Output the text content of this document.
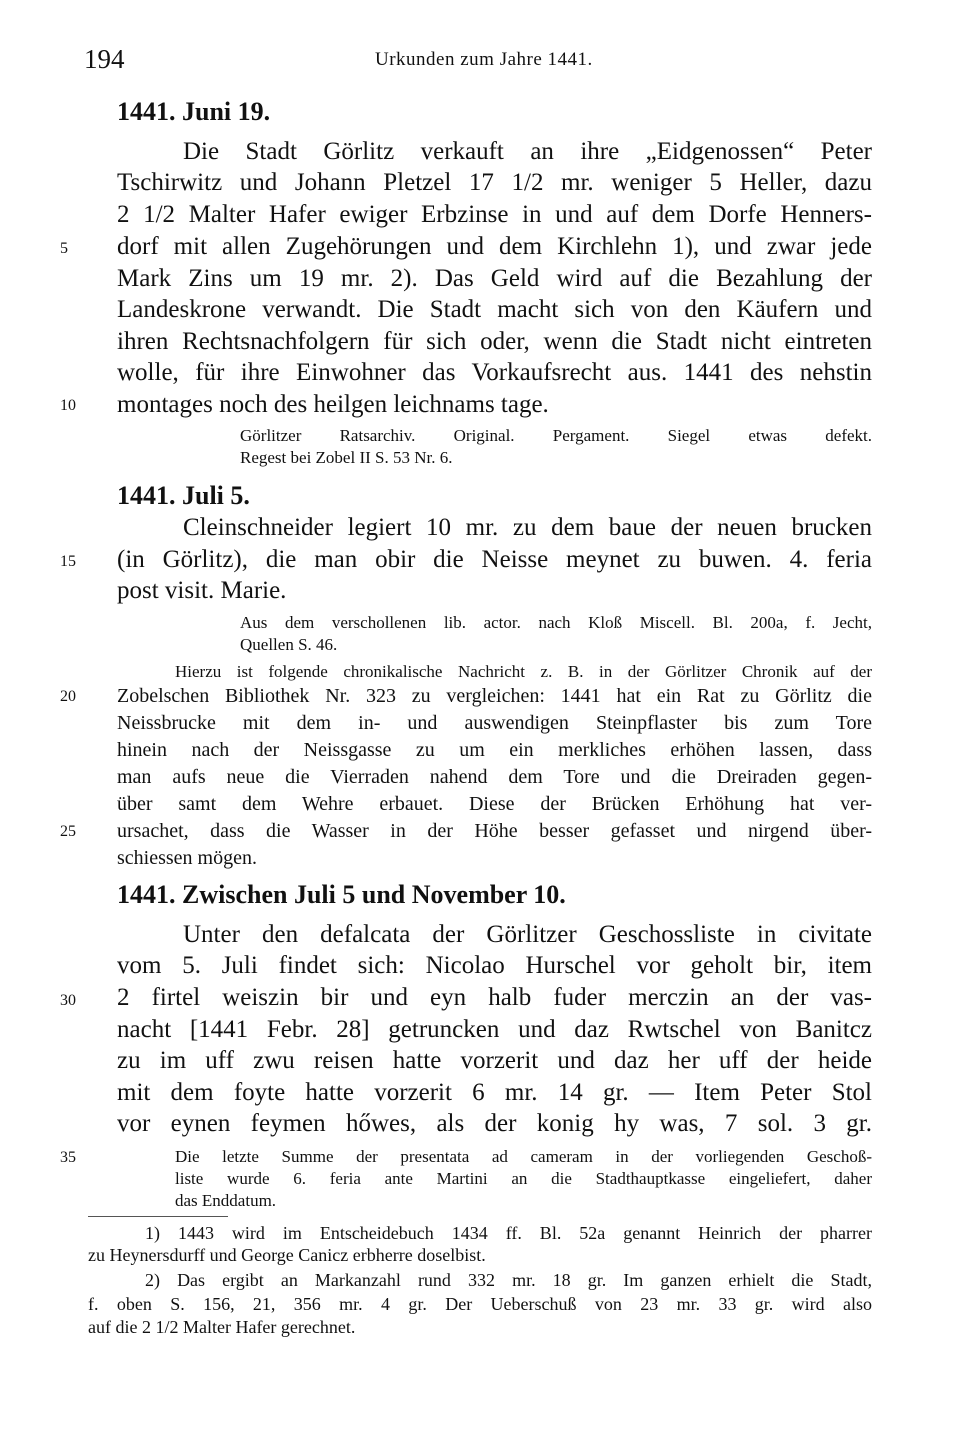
194	Urkunden zum Jahre 1441.
1441. Juni 19.
Die Stadt Görlitz verkauft an ihre „Eidgenossen“ Peter
Tschirwitz und Johann Pletzel 17 1/2 mr. weniger 5 Heller, dazu
2 1/2 Malter Hafer ewiger Erbzinse in und auf dem Dorfe Henners-
dorf mit allen Zugehörungen und dem Kirchlehn 1), und zwar jede
Mark Zins um 19 mr. 2). Das Geld wird auf die Bezahlung der
Landeskrone verwandt. Die Stadt macht sich von den Käufern und
ihren Rechtsnachfolgern für sich oder, wenn die Stadt nicht eintreten
wolle, für ihre Einwohner das Vorkaufsrecht aus. 1441 des nehstin
montages noch des heilgen leichnams tage.
Görlitzer Ratsarchiv. Original. Pergament. Siegel etwas defekt.
Regest bei Zobel II S. 53 Nr. 6.
1441. Juli 5.
Cleinschneider legiert 10 mr. zu dem baue der neuen brucken
(in Görlitz), die man obir die Neisse meynet zu buwen. 4. feria
post visit. Marie.
Aus dem verschollenen lib. actor. nach Kloß Miscell. Bl. 200a, f. Jecht,
Quellen S. 46.
Hierzu ist folgende chronikalische Nachricht z. B. in der Görlitzer Chronik auf der
Zobelschen Bibliothek Nr. 323 zu vergleichen: 1441 hat ein Rat zu Görlitz die
Neissbrucke mit dem in- und auswendigen Steinpflaster bis zum Tore
hinein nach der Neissgasse zu um ein merkliches erhöhen lassen, dass
man aufs neue die Vierraden nahend dem Tore und die Dreiraden gegen-
über samt dem Wehre erbauet. Diese der Brücken Erhöhung hat ver-
ursachet, dass die Wasser in der Höhe besser gefasset und nirgend über-
schiessen mögen.
1441. Zwischen Juli 5 und November 10.
Unter den defalcata der Görlitzer Geschossliste in civitate
vom 5. Juli findet sich: Nicolao Hurschel vor geholt bir, item
2 firtel weiszin bir und eyn halb fuder merczin an der vas-
nacht [1441 Febr. 28] getruncken und daz Rwtschel von Banitcz
zu im uff zwu reisen hatte vorzerit und daz her uff der heide
mit dem foyte hatte vorzerit 6 mr. 14 gr. — Item Peter Stol
vor eynen feymen hőwes, als der konig hy was, 7 sol. 3 gr.
Die letzte Summe der presentata ad cameram in der vorliegenden Geschoß-
liste wurde 6. feria ante Martini an die Stadthauptkasse eingeliefert, daher
das Enddatum.
5
10
15
20
25
30
35
1) 1443 wird im Entscheidebuch 1434 ff. Bl. 52a genannt Heinrich der pharrer
zu Heynersdurff und George Canicz erbherre doselbist.
2) Das ergibt an Markanzahl rund 332 mr. 18 gr. Im ganzen erhielt die Stadt,
f. oben S. 156, 21, 356 mr. 4 gr. Der Ueberschuß von 23 mr. 33 gr. wird also
auf die 2 1/2 Malter Hafer gerechnet.
